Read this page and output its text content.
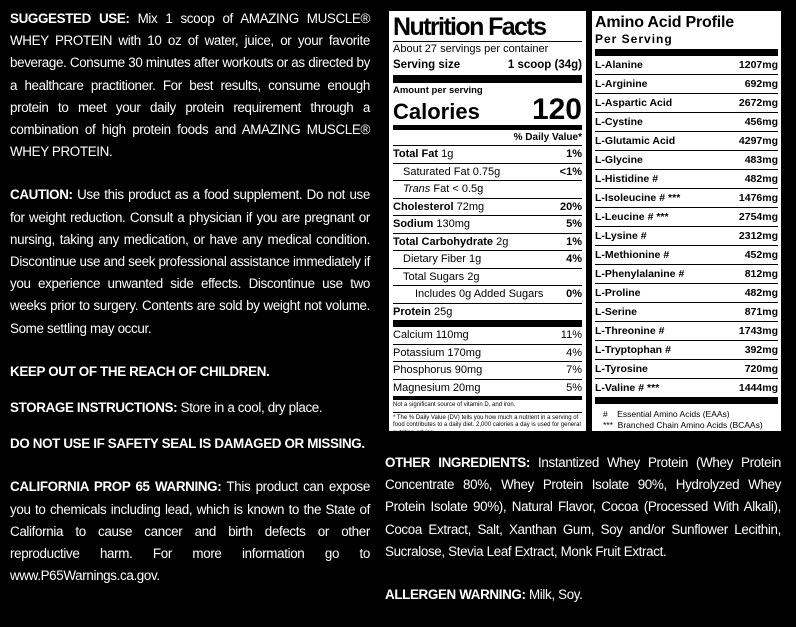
SUGGESTED USE: Mix 1 scoop of AMAZING MUSCLE® WHEY PROTEIN with 10 oz of water, juice, or your favorite beverage. Consume 30 minutes after workouts or as directed by a healthcare practitioner. For best results, consume enough protein to meet your daily protein requirement through a combination of high protein foods and AMAZING MUSCLE® WHEY PROTEIN.

CAUTION: Use this product as a food supplement. Do not use for weight reduction. Consult a physician if you are pregnant or nursing, taking any medication, or have any medical condition. Discontinue use and seek professional assistance immediately if you experience unwanted side effects. Discontinue use two weeks prior to surgery. Contents are sold by weight not volume. Some settling may occur.

KEEP OUT OF THE REACH OF CHILDREN.

STORAGE INSTRUCTIONS: Store in a cool, dry place.

DO NOT USE IF SAFETY SEAL IS DAMAGED OR MISSING.

CALIFORNIA PROP 65 WARNING: This product can expose you to chemicals including lead, which is known to the State of California to cause cancer and birth defects or other reproductive harm. For more information go to www.P65Warnings.ca.gov.

Nutrition Facts
About 27 servings per container
Serving size	1 scoop (34g)
Amount per serving
Calories 120
% Daily Value*
Total Fat 1g	1%
Saturated Fat 0.75g	<1%
Trans Fat < 0.5g
Cholesterol 72mg	20%
Sodium 130mg	5%
Total Carbohydrate 2g	1%
Dietary Fiber 1g	4%
Total Sugars 2g
Includes 0g Added Sugars 0%
Protein 25g
Calcium 110mg	11%
Potassium 170mg	4%
Phosphorus 90mg	7%
Magnesium 20mg	5%

Not a significant source of vitamin D, and iron.

* The % Daily Value (DV) tells you how much a nutrient in a serving of food contributes to a daily diet. 2,000 calories a day is used for general nutrition advice.

Amino Acid Profile
Per Serving
L-Alanine	1207mg
L-Arginine	692mg
L-Aspartic Acid	2672mg
L-Cystine	456mg
L-Glutamic Acid	4297mg
L-Glycine	483mg
L-Histidine #	482mg
L-Isoleucine # ***	1476mg
L-Leucine # ***	2754mg
L-Lysine #	2312mg
L-Methionine #	452mg
L-Phenylalanine #	812mg
L-Proline	482mg
L-Serine	871mg
L-Threonine #	1743mg
L-Tryptophan #	392mg
L-Tyrosine	720mg
L-Valine # ***	1444mg
#    Essential Amino Acids (EAAs)
***  Branched Chain Amino Acids (BCAAs)

OTHER INGREDIENTS: Instantized Whey Protein (Whey Protein Concentrate 80%, Whey Protein Isolate 90%, Hydrolyzed Whey Protein Isolate 90%), Natural Flavor, Cocoa (Processed With Alkali), Cocoa Extract, Salt, Xanthan Gum, Soy and/or Sunflower Lecithin, Sucralose, Stevia Leaf Extract, Monk Fruit Extract.

ALLERGEN WARNING: Milk, Soy.
